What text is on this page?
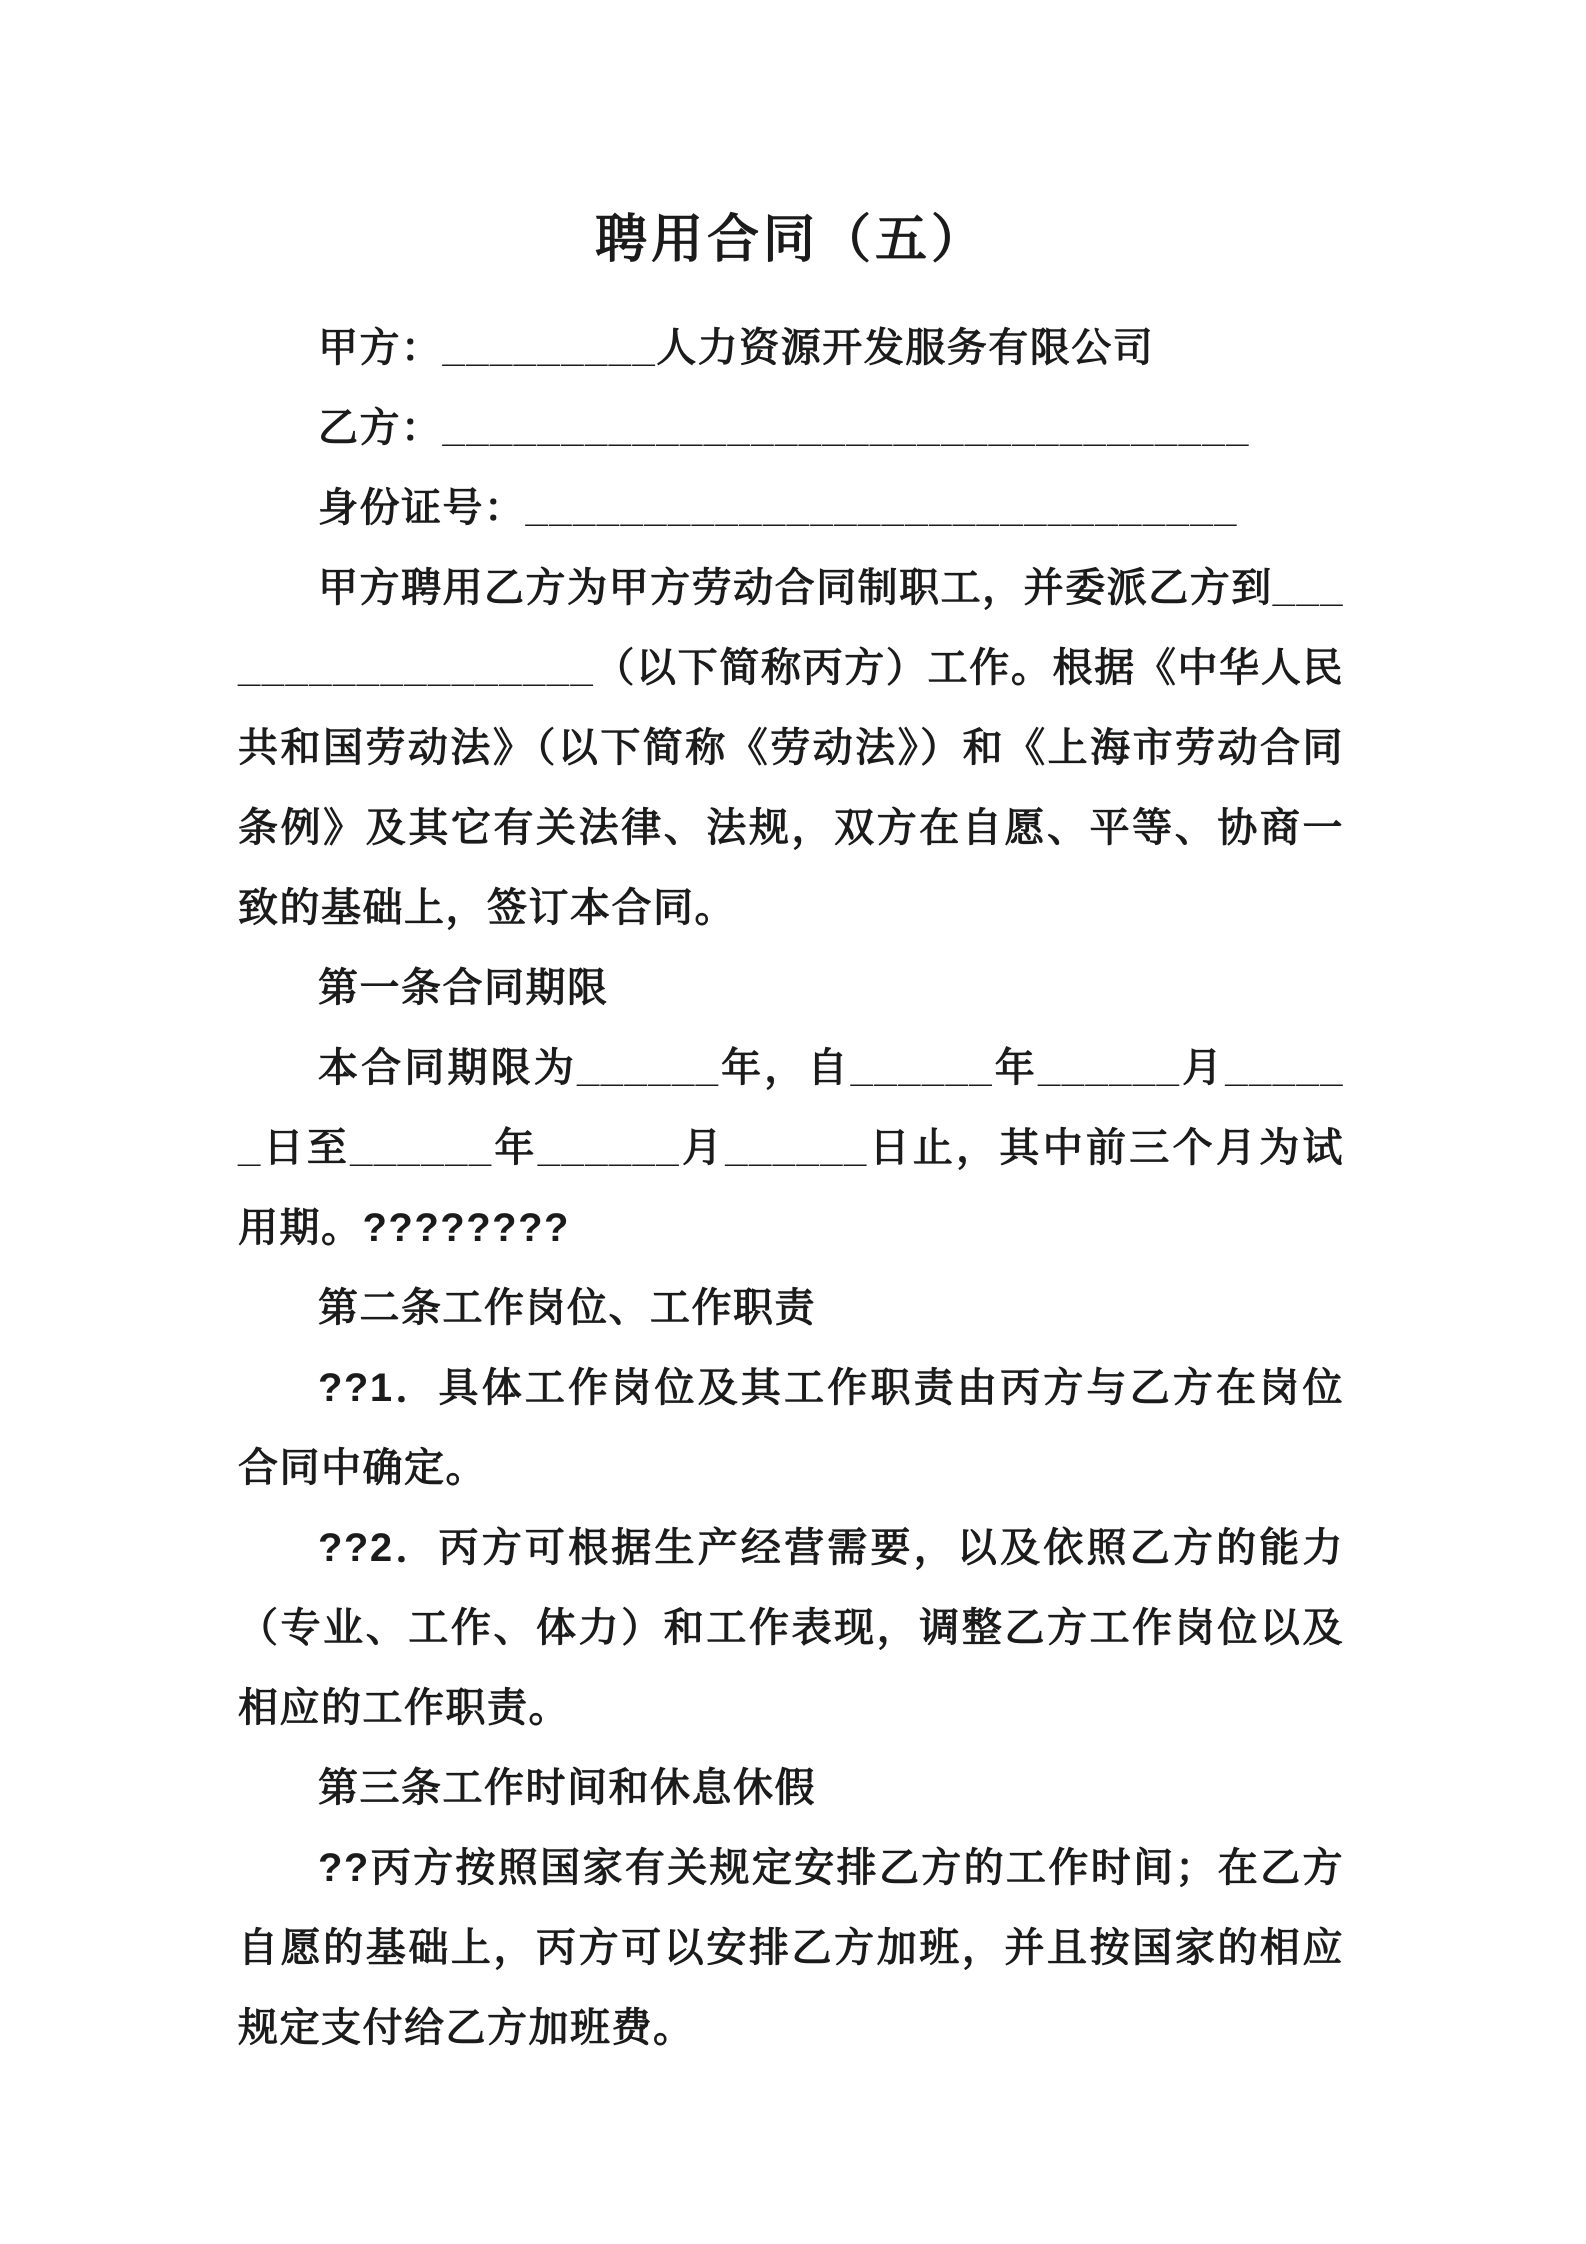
聘用合同（五）

甲方：_________人力资源开发服务有限公司

乙方：__________________________________

身份证号：______________________________

甲方聘用乙方为甲方劳动合同制职工，并委派乙方到__________________（以下简称丙方）工作。根据《中华人民共和国劳动法》（以下简称《劳动法》）和《上海市劳动合同条例》及其它有关法律、法规，双方在自愿、平等、协商一致的基础上，签订本合同。

第一条合同期限

本合同期限为______年，自______年______月______日至______年______月______日止，其中前三个月为试用期。????????

第二条工作岗位、工作职责

??1．具体工作岗位及其工作职责由丙方与乙方在岗位合同中确定。

??2．丙方可根据生产经营需要，以及依照乙方的能力（专业、工作、体力）和工作表现，调整乙方工作岗位以及相应的工作职责。

第三条工作时间和休息休假

??丙方按照国家有关规定安排乙方的工作时间；在乙方自愿的基础上，丙方可以安排乙方加班，并且按国家的相应规定支付给乙方加班费。
